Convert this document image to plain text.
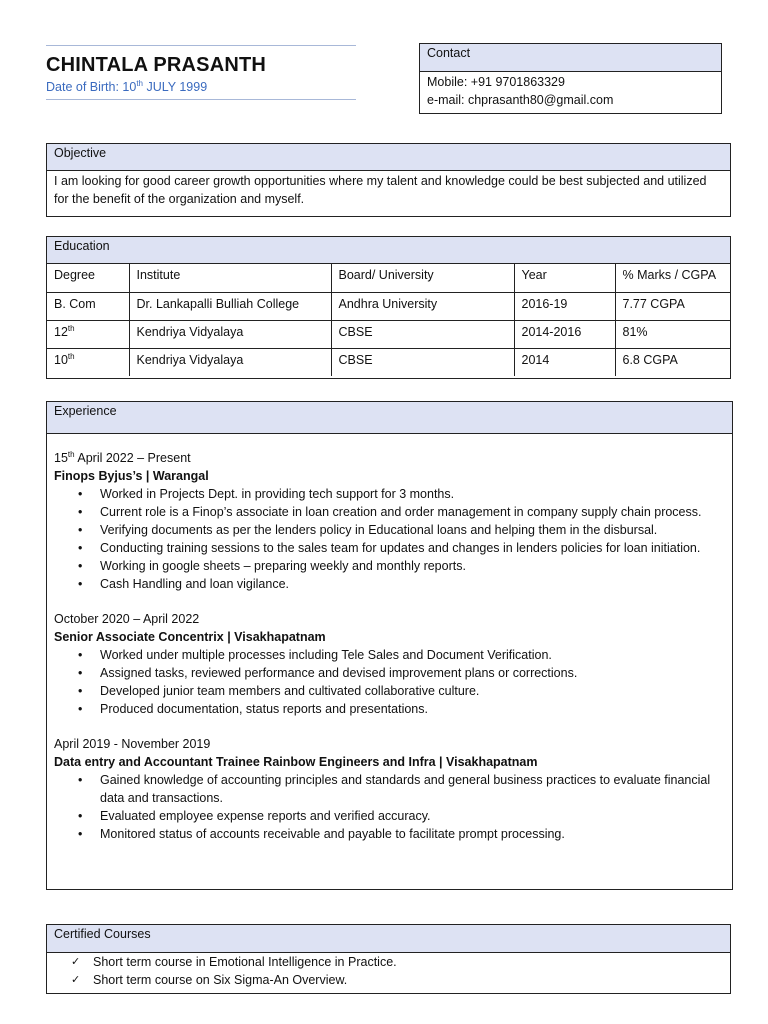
CHINTALA PRASANTH
Date of Birth: 10th JULY 1999
Contact
Mobile: +91 9701863329
e-mail: chprasanth80@gmail.com
Objective
I am looking for good career growth opportunities where my talent and knowledge could be best subjected and utilized for the benefit of the organization and myself.
Education
Degree	Institute	Board/ University	Year	% Marks / CGPA
B. Com	Dr. Lankapalli Bulliah College	Andhra University	2016-19	7.77 CGPA
12th	Kendriya Vidyalaya	CBSE	2014-2016	81%
10th	Kendriya Vidyalaya	CBSE	2014	6.8 CGPA
Experience
15th April 2022 – Present
Finops Byjus’s | Warangal
• Worked in Projects Dept. in providing tech support for 3 months.
• Current role is a Finop’s associate in loan creation and order management in company supply chain process.
• Verifying documents as per the lenders policy in Educational loans and helping them in the disbursal.
• Conducting training sessions to the sales team for updates and changes in lenders policies for loan initiation.
• Working in google sheets – preparing weekly and monthly reports.
• Cash Handling and loan vigilance.
October 2020 – April 2022
Senior Associate Concentrix | Visakhapatnam
• Worked under multiple processes including Tele Sales and Document Verification.
• Assigned tasks, reviewed performance and devised improvement plans or corrections.
• Developed junior team members and cultivated collaborative culture.
• Produced documentation, status reports and presentations.
April 2019 - November 2019
Data entry and Accountant Trainee Rainbow Engineers and Infra | Visakhapatnam
• Gained knowledge of accounting principles and standards and general business practices to evaluate financial data and transactions.
• Evaluated employee expense reports and verified accuracy.
• Monitored status of accounts receivable and payable to facilitate prompt processing.
Certified Courses
✓ Short term course in Emotional Intelligence in Practice.
✓ Short term course on Six Sigma-An Overview.
